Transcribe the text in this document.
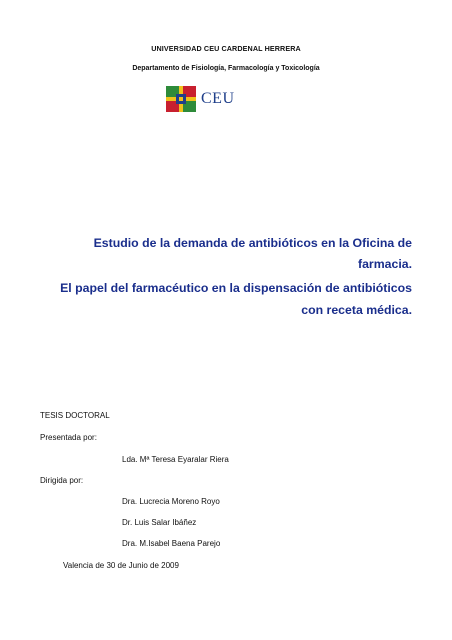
UNIVERSIDAD CEU CARDENAL HERRERA
Departamento de Fisiología, Farmacología y Toxicología
CEU
Estudio de la demanda de antibióticos en la Oficina de
farmacia.
El papel del farmacéutico en la dispensación de antibióticos
con receta médica.
TESIS DOCTORAL
Presentada por:
Lda. Mª Teresa Eyaralar Riera
Dirigida por:
Dra. Lucrecia Moreno Royo
Dr. Luis Salar Ibáñez
Dra. M.Isabel Baena Parejo
Valencia de 30 de Junio de 2009
